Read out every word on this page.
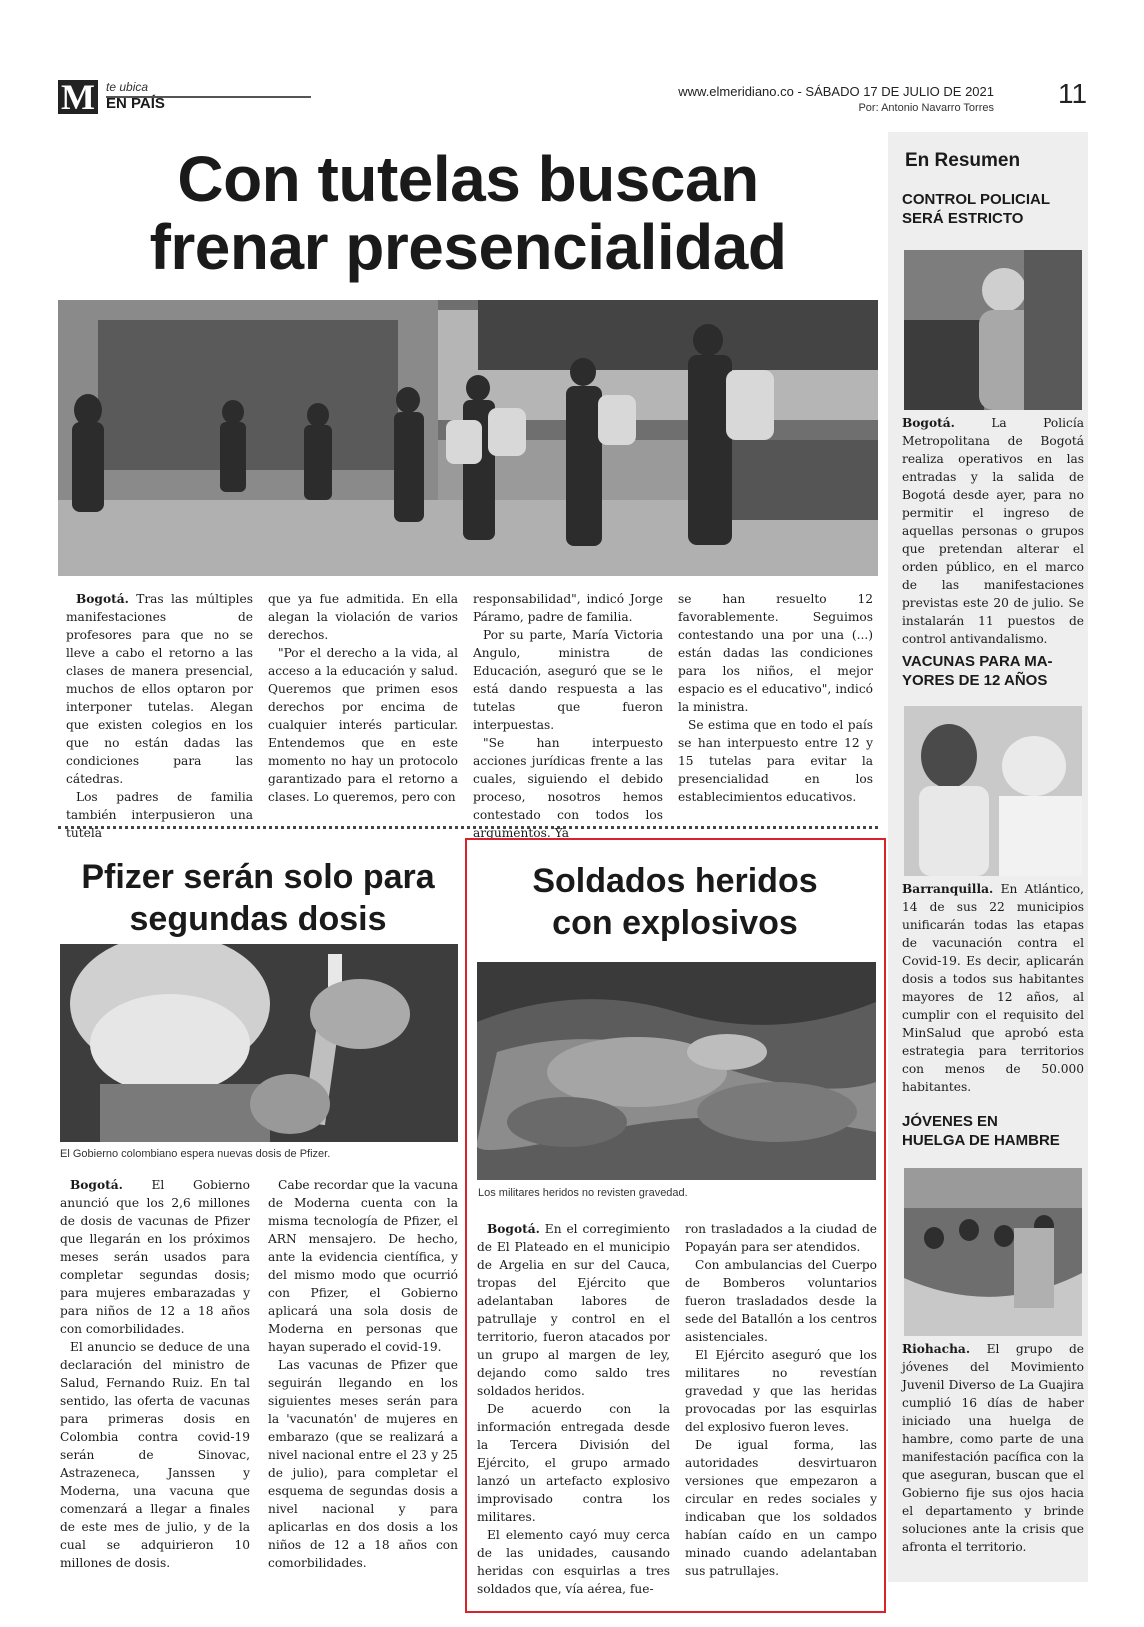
M te ubica
EN PAÍS
www.elmeridiano.co - SÁBADO 17 DE JULIO DE 2021
Por: Antonio Navarro Torres 11
Con tutelas buscan
frenar presencialidad

Bogotá. Tras las múltiples manifestaciones de profesores para que no se lleve a cabo el retorno a las clases de manera presencial, muchos de ellos optaron por interponer tutelas. Alegan que existen colegios en los que no están dadas las condiciones para las cátedras.

Los padres de familia también interpusieron una tutela

que ya fue admitida. En ella alegan la violación de varios derechos.

"Por el derecho a la vida, al acceso a la educación y salud. Queremos que primen esos derechos por encima de cualquier interés particular. Entendemos que en este momento no hay un protocolo garantizado para el retorno a clases. Lo queremos, pero con

responsabilidad", indicó Jorge Páramo, padre de familia.

Por su parte, María Victoria Angulo, ministra de Educación, aseguró que se le está dando respuesta a las tutelas que fueron interpuestas.

"Se han interpuesto acciones jurídicas frente a las cuales, siguiendo el debido proceso, nosotros hemos contestado con todos los argumentos. Ya

se han resuelto 12 favorablemente. Seguimos contestando una por una (...) están dadas las condiciones para los niños, el mejor espacio es el educativo", indicó la ministra.

Se estima que en todo el país se han interpuesto entre 12 y 15 tutelas para evitar la presencialidad en los establecimientos educativos.

Pfizer serán solo para
segundas dosis
El Gobierno colombiano espera nuevas dosis de Pfizer.

Bogotá. El Gobierno anunció que los 2,6 millones de dosis de vacunas de Pfizer que llegarán en los próximos meses serán usados para completar segundas dosis; para mujeres embarazadas y para niños de 12 a 18 años con comorbilidades.

El anuncio se deduce de una declaración del ministro de Salud, Fernando Ruiz. En tal sentido, las oferta de vacunas para primeras dosis en Colombia contra covid-19 serán de Sinovac, Astrazeneca, Janssen y Moderna, una vacuna que comenzará a llegar a finales de este mes de julio, y de la cual se adquirieron 10 millones de dosis.

Cabe recordar que la vacuna de Moderna cuenta con la misma tecnología de Pfizer, el ARN mensajero. De hecho, ante la evidencia científica, y del mismo modo que ocurrió con Pfizer, el Gobierno aplicará una sola dosis de Moderna en personas que hayan superado el covid-19.

Las vacunas de Pfizer que seguirán llegando en los siguientes meses serán para la 'vacunatón' de mujeres en embarazo (que se realizará a nivel nacional entre el 23 y 25 de julio), para completar el esquema de segundas dosis a nivel nacional y para aplicarlas en dos dosis a los niños de 12 a 18 años con comorbilidades.

Soldados heridos
con explosivos
Los militares heridos no revisten gravedad.

Bogotá. En el corregimiento de El Plateado en el municipio de Argelia en sur del Cauca, tropas del Ejército que adelantaban labores de patrullaje y control en el territorio, fueron atacados por un grupo al margen de ley, dejando como saldo tres soldados heridos.

De acuerdo con la información entregada desde la Tercera División del Ejército, el grupo armado lanzó un artefacto explosivo improvisado contra los militares.

El elemento cayó muy cerca de las unidades, causando heridas con esquirlas a tres soldados que, vía aérea, fue-

ron trasladados a la ciudad de Popayán para ser atendidos.

Con ambulancias del Cuerpo de Bomberos voluntarios fueron trasladados desde la sede del Batallón a los centros asistenciales.

El Ejército aseguró que los militares no revestían gravedad y que las heridas provocadas por las esquirlas del explosivo fueron leves.

De igual forma, las autoridades desvirtuaron versiones que empezaron a circular en redes sociales y indicaban que los soldados habían caído en un campo minado cuando adelantaban sus patrullajes.

En Resumen
CONTROL POLICIAL
SERÁ ESTRICTO
Bogotá.	La Policía Metropolitana de Bogotá realiza operativos en las entradas y la salida de Bogotá desde ayer, para no permitir el ingreso de aquellas personas o grupos que pretendan alterar el orden público, en el marco de las manifestaciones previstas este 20 de julio. Se instalarán 11 puestos de control antivandalismo.
VACUNAS PARA MA-
YORES DE 12 AÑOS
Barranquilla. En Atlántico, 14 de sus 22 municipios unificarán todas las etapas de vacunación contra el Covid-19. Es decir, aplicarán dosis a todos sus habitantes mayores de 12 años, al cumplir con el requisito del MinSalud que aprobó esta estrategia para territorios con menos de 50.000 habitantes.
JÓVENES EN
HUELGA DE HAMBRE
Riohacha. El grupo de jóvenes del Movimiento Juvenil Diverso de La Guajira cumplió 16 días de haber iniciado una huelga de hambre, como parte de una manifestación pacífica con la que aseguran, buscan que el Gobierno fije sus ojos hacia el departamento y brinde soluciones ante la crisis que afronta el territorio.
